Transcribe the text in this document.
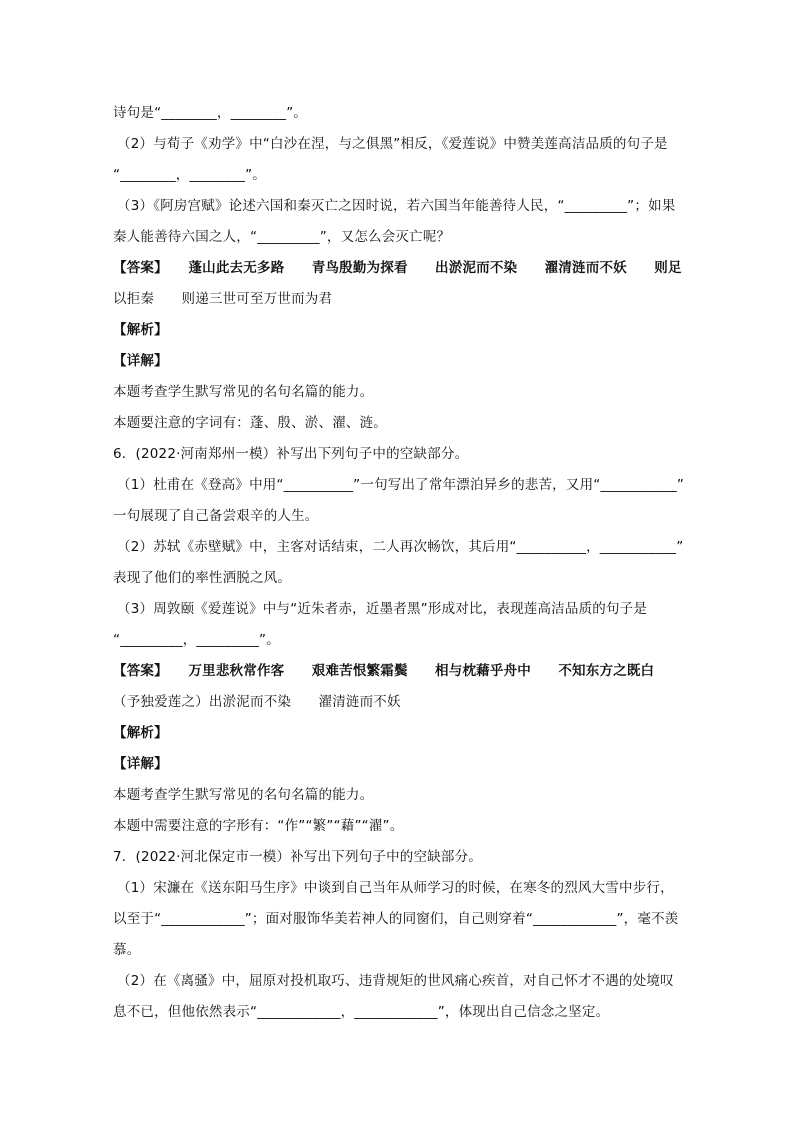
诗句是“________，________”。
（2）与荀子《劝学》中“白沙在涅，与之俱黑”相反，《爱莲说》中赞美莲高洁品质的句子是
“________，________”。
（3）《阿房宫赋》论述六国和秦灭亡之因时说，若六国当年能善待人民，“_________”；如果
秦人能善待六国之人，“_________”，又怎么会灭亡呢？
【答案】　　蓬山此去无多路　　青鸟殷勤为探看　　出淤泥而不染　　濯清涟而不妖　　则足
以拒秦　　则递三世可至万世而为君
【解析】
【详解】
本题考查学生默写常见的名句名篇的能力。
本题要注意的字词有：蓬、殷、淤、濯、涟。
6．(2022·河南郑州一模）补写出下列句子中的空缺部分。
（1）杜甫在《登高》中用“__________”一句写出了常年漂泊异乡的悲苦，又用“___________”
一句展现了自己备尝艰辛的人生。
（2）苏轼《赤壁赋》中，主客对话结束，二人再次畅饮，其后用“__________，___________”
表现了他们的率性洒脱之风。
（3）周敦颐《爱莲说》中与“近朱者赤，近墨者黑”形成对比，表现莲高洁品质的句子是
“_________，_________”。
【答案】　　万里悲秋常作客　　艰难苦恨繁霜鬓　　相与枕藉乎舟中　　不知东方之既白
（予独爱莲之）出淤泥而不染　　濯清涟而不妖
【解析】
【详解】
本题考查学生默写常见的名句名篇的能力。
本题中需要注意的字形有：“作”“繁”“藉”“濯”。
7．(2022·河北保定市一模）补写出下列句子中的空缺部分。
（1）宋濂在《送东阳马生序》中谈到自己当年从师学习的时候，在寒冬的烈风大雪中步行，
以至于“____________”；面对服饰华美若神人的同窗们，自己则穿着“____________”，毫不羡
慕。
（2）在《离骚》中，屈原对投机取巧、违背规矩的世风痛心疾首，对自己怀才不遇的处境叹
息不已，但他依然表示“____________，____________”，体现出自己信念之坚定。
